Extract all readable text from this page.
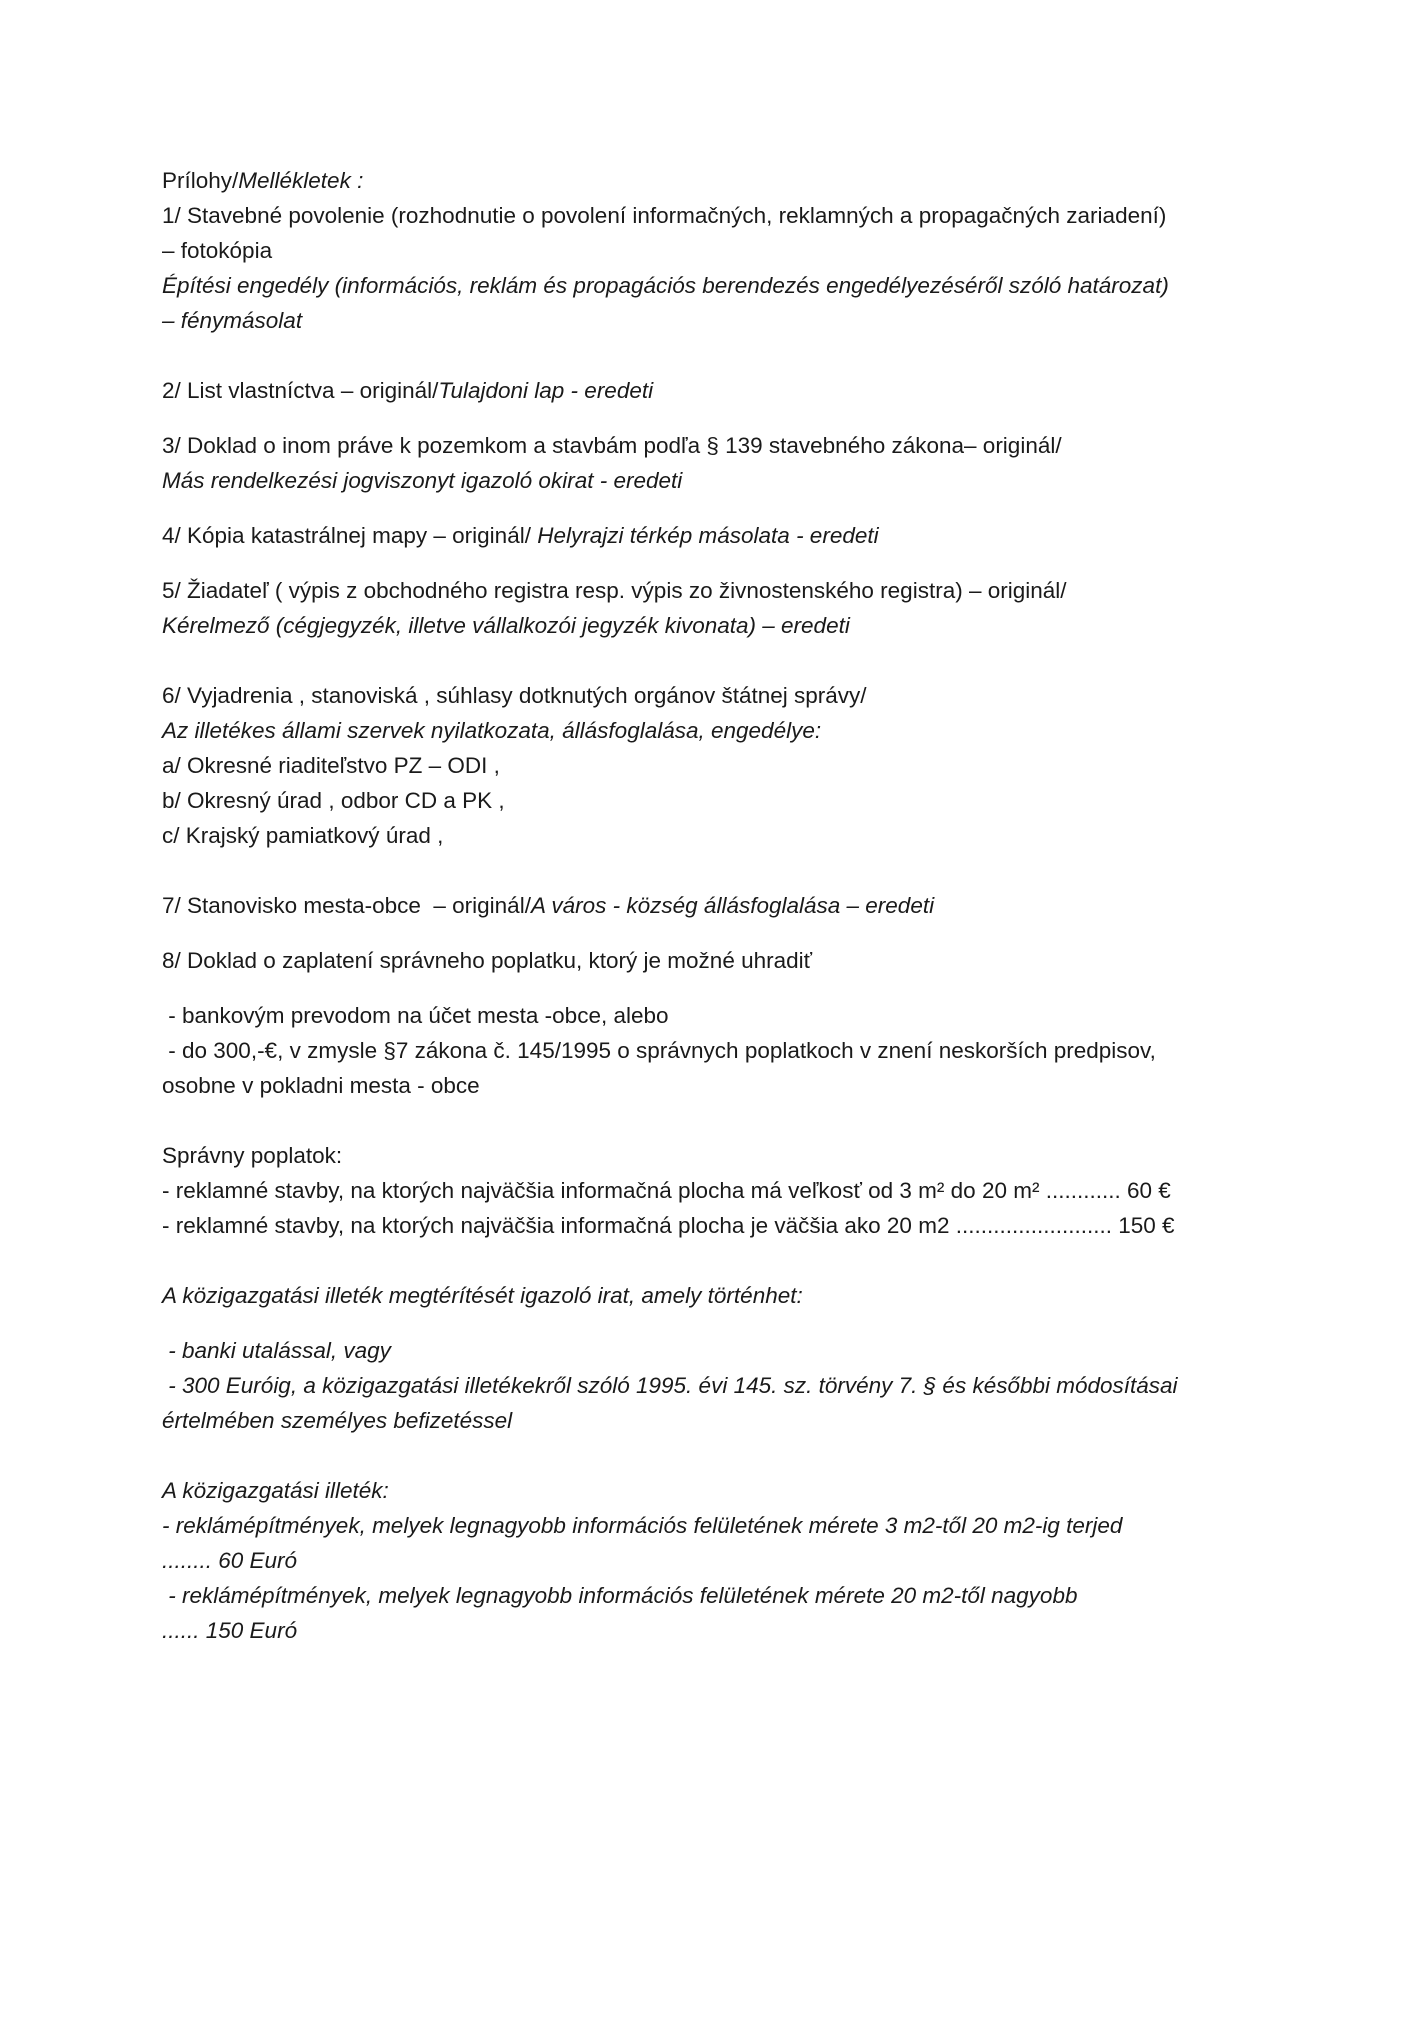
Prílohy/Mellékletek :
1/ Stavebné povolenie (rozhodnutie o povolení informačných, reklamných a propagačných zariadení)
– fotokópia
Építési engedély (információs, reklám és propagációs berendezés engedélyezéséről szóló határozat)
– fénymásolat
2/ List vlastníctva – originál/Tulajdoni lap - eredeti
3/ Doklad o inom práve k pozemkom a stavbám podľa § 139 stavebného zákona– originál/
Más rendelkezési jogviszonyt igazoló okirat - eredeti
4/ Kópia katastrálnej mapy – originál/ Helyrajzi térkép másolata - eredeti
5/ Žiadateľ ( výpis z obchodného registra resp. výpis zo živnostenského registra) – originál/
Kérelmező (cégjegyzék, illetve vállalkozói jegyzék kivonata) – eredeti
6/ Vyjadrenia , stanoviská , súhlasy dotknutých orgánov štátnej správy/
Az illetékes állami szervek nyilatkozata, állásfoglalása, engedélye:
a/ Okresné riaditeľstvo PZ – ODI ,
b/ Okresný úrad , odbor CD a PK ,
c/ Krajský pamiatkový úrad ,
7/ Stanovisko mesta-obce  – originál/A város - község állásfoglalása – eredeti
8/ Doklad o zaplatení správneho poplatku, ktorý je možné uhradiť
- bankovým prevodom na účet mesta -obce, alebo
- do 300,-€, v zmysle §7 zákona č. 145/1995 o správnych poplatkoch v znení neskorších predpisov,
osobne v pokladni mesta - obce
Správny poplatok:
- reklamné stavby, na ktorých najväčšia informačná plocha má veľkosť od 3 m² do 20 m² ............ 60 €
- reklamné stavby, na ktorých najväčšia informačná plocha je väčšia ako 20 m2 ......................... 150 €
A közigazgatási illeték megtérítését igazoló irat, amely történhet:
- banki utalással, vagy
- 300 Euróig, a közigazgatási illetékekről szóló 1995. évi 145. sz. törvény 7. § és későbbi módosításai
értelmében személyes befizetéssel
A közigazgatási illeték:
- reklámépítmények, melyek legnagyobb információs felületének mérete 3 m2-től 20 m2-ig terjed
........ 60 Euró
- reklámépítmények, melyek legnagyobb információs felületének mérete 20 m2-től nagyobb
...... 150 Euró
